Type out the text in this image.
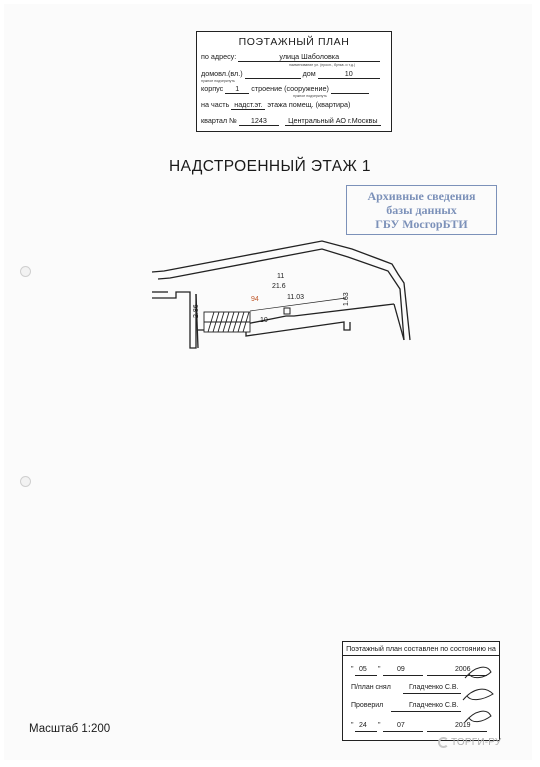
ПОЭТАЖНЫЙ ПЛАН
по адресу:	улица Шаболовка
наименование ул. (просп., бульв. и т.д.)
домовл.(вл.)	дом	10
нужное подчеркнуть
корпус 1 строение (сооружение)
нужное подчеркнуть
на часть надст.эт. этажа помещ. (квартира)
квартал № 1243	Центральный АО г.Москвы
НАДСТРОЕННЫЙ ЭТАЖ 1
Архивные сведения
базы данных
ГБУ МосгорБТИ
11
21.6
94	11.03
2.86
1.63
10
Масштаб 1:200
Поэтажный план составлен по состоянию на
" 05 " 09	2006
П/план снял	Гладченко С.В.
Проверил	Гладченко С.В.
" 24 " 07	2019
ТОРГИ-РУ
